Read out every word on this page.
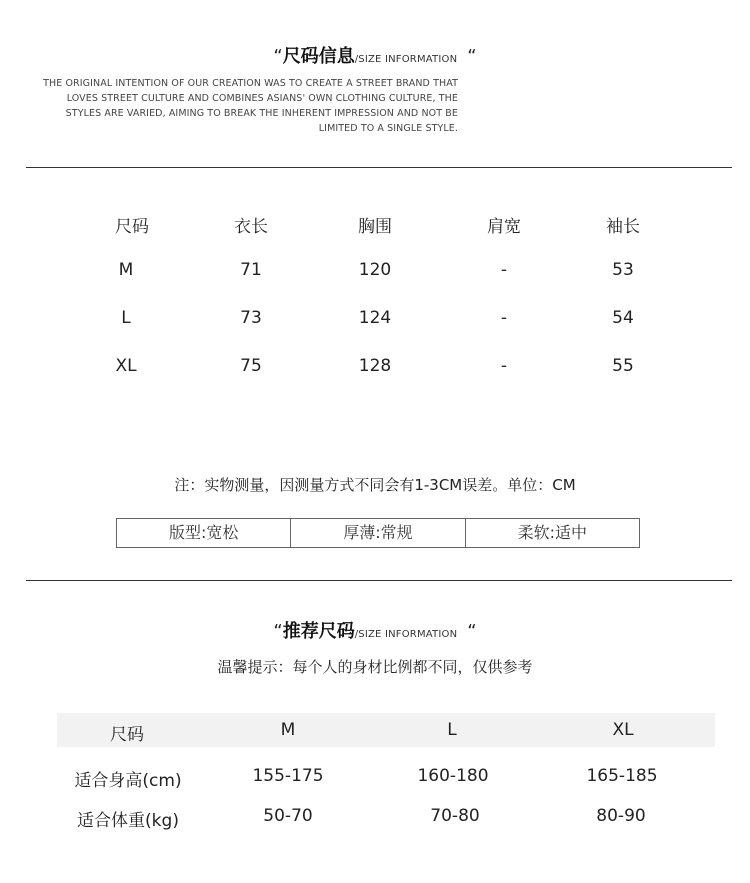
“尺码信息/SIZE INFORMATION “
THE ORIGINAL INTENTION OF OUR CREATION WAS TO CREATE A STREET BRAND THAT
LOVES STREET CULTURE AND COMBINES ASIANS' OWN CLOTHING CULTURE, THE
STYLES ARE VARIED, AIMING TO BREAK THE INHERENT IMPRESSION AND NOT BE
LIMITED TO A SINGLE STYLE.
尺码	衣长	胸围	肩宽	袖长
M	71	120	-	53
L	73	124	-	54
XL	75	128	-	55
注：实物测量，因测量方式不同会有1-3CM误差。单位：CM
版型:宽松	厚薄:常规	柔软:适中
“推荐尺码/SIZE INFORMATION “
温馨提示：每个人的身材比例都不同，仅供参考
尺码	M	L	XL
适合身高(cm)	155-175	160-180	165-185
适合体重(kg)	50-70	70-80	80-90
